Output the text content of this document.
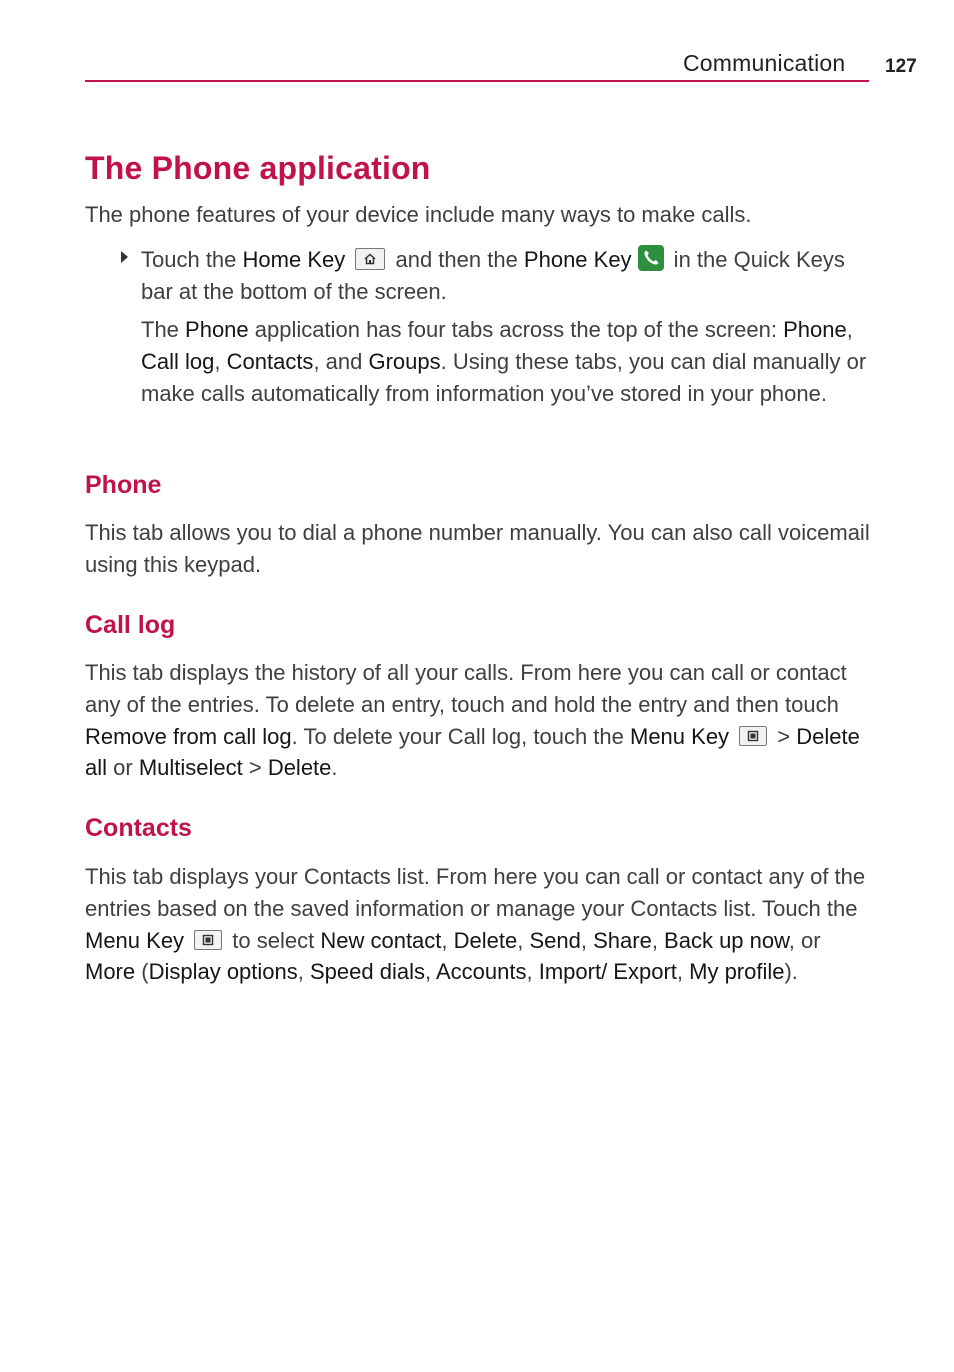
Communication 127
The Phone application

The phone features of your device include many ways to make calls.

Touch the Home Key
and then the Phone Key
in the Quick Keys bar at the bottom of the screen.

The Phone application has four tabs across the top of the screen: Phone, Call log, Contacts, and Groups. Using these tabs, you can dial manually or make calls automatically from information you’ve stored in your phone.

Phone

This tab allows you to dial a phone number manually. You can also call voicemail using this keypad.

Call log

This tab displays the history of all your calls. From here you can call or contact any of the entries. To delete an entry, touch and hold the entry and then touch Remove from call log. To delete your Call log, touch the Menu Key
> Delete all or Multiselect > Delete.

Contacts

This tab displays your Contacts list. From here you can call or contact any of the entries based on the saved information or manage your Contacts list. Touch the Menu Key
to select New contact, Delete, Send, Share, Back up now, or More (Display options, Speed dials, Accounts, Import/ Export, My profile).
